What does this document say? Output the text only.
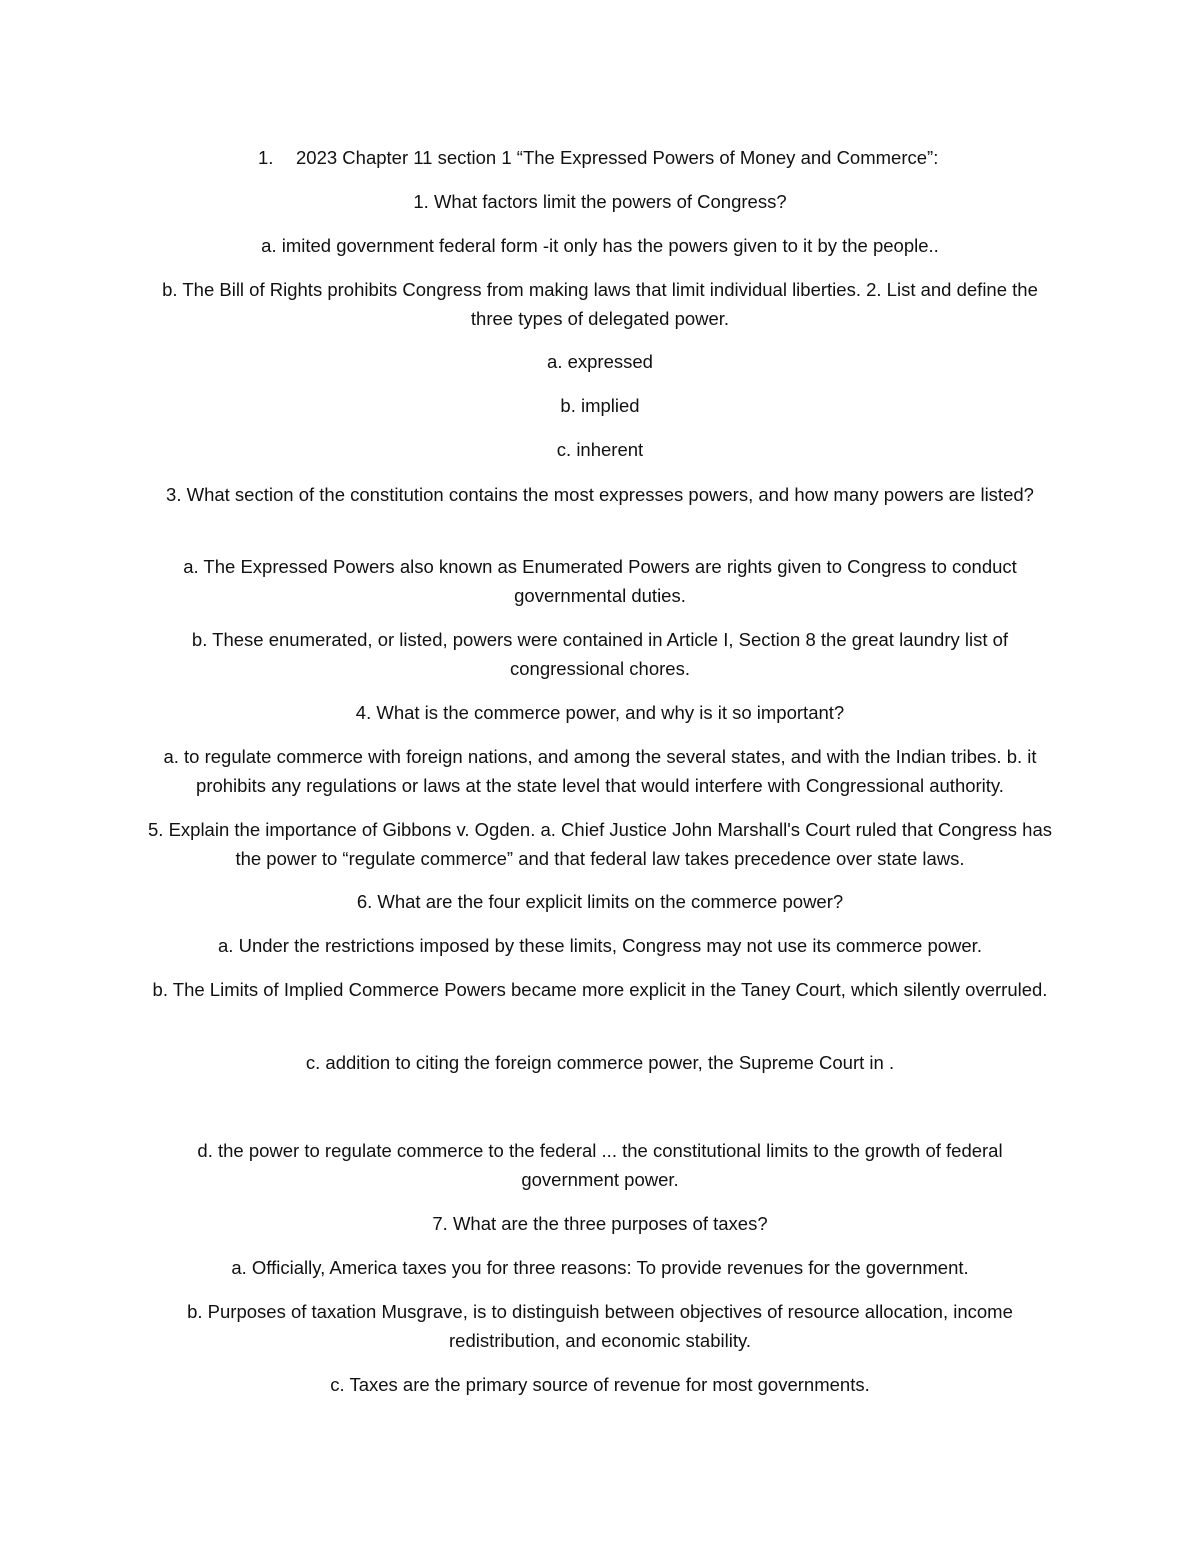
1. 2023 Chapter 11 section 1 “The Expressed Powers of Money and Commerce”:

1. What factors limit the powers of Congress?

a. imited government federal form -it only has the powers given to it by the people..

b. The Bill of Rights prohibits Congress from making laws that limit individual liberties. 2. List and define the three types of delegated power.

a. expressed

b. implied

c. inherent

3. What section of the constitution contains the most expresses powers, and how many powers are listed?

a. The Expressed Powers also known as Enumerated Powers are rights given to Congress to conduct governmental duties.

b. These enumerated, or listed, powers were contained in Article I, Section 8 the great laundry list of congressional chores.

4. What is the commerce power, and why is it so important?

a. to regulate commerce with foreign nations, and among the several states, and with the Indian tribes. b. it prohibits any regulations or laws at the state level that would interfere with Congressional authority.

5. Explain the importance of Gibbons v. Ogden. a. Chief Justice John Marshall's Court ruled that Congress has the power to “regulate commerce” and that federal law takes precedence over state laws.

6. What are the four explicit limits on the commerce power?

a. Under the restrictions imposed by these limits, Congress may not use its commerce power.

b. The Limits of Implied Commerce Powers became more explicit in the Taney Court, which silently overruled.

c. addition to citing the foreign commerce power, the Supreme Court in .

d. the power to regulate commerce to the federal ... the constitutional limits to the growth of federal government power.

7. What are the three purposes of taxes?

a. Officially, America taxes you for three reasons: To provide revenues for the government.

b. Purposes of taxation Musgrave, is to distinguish between objectives of resource allocation, income redistribution, and economic stability.

c. Taxes are the primary source of revenue for most governments.
